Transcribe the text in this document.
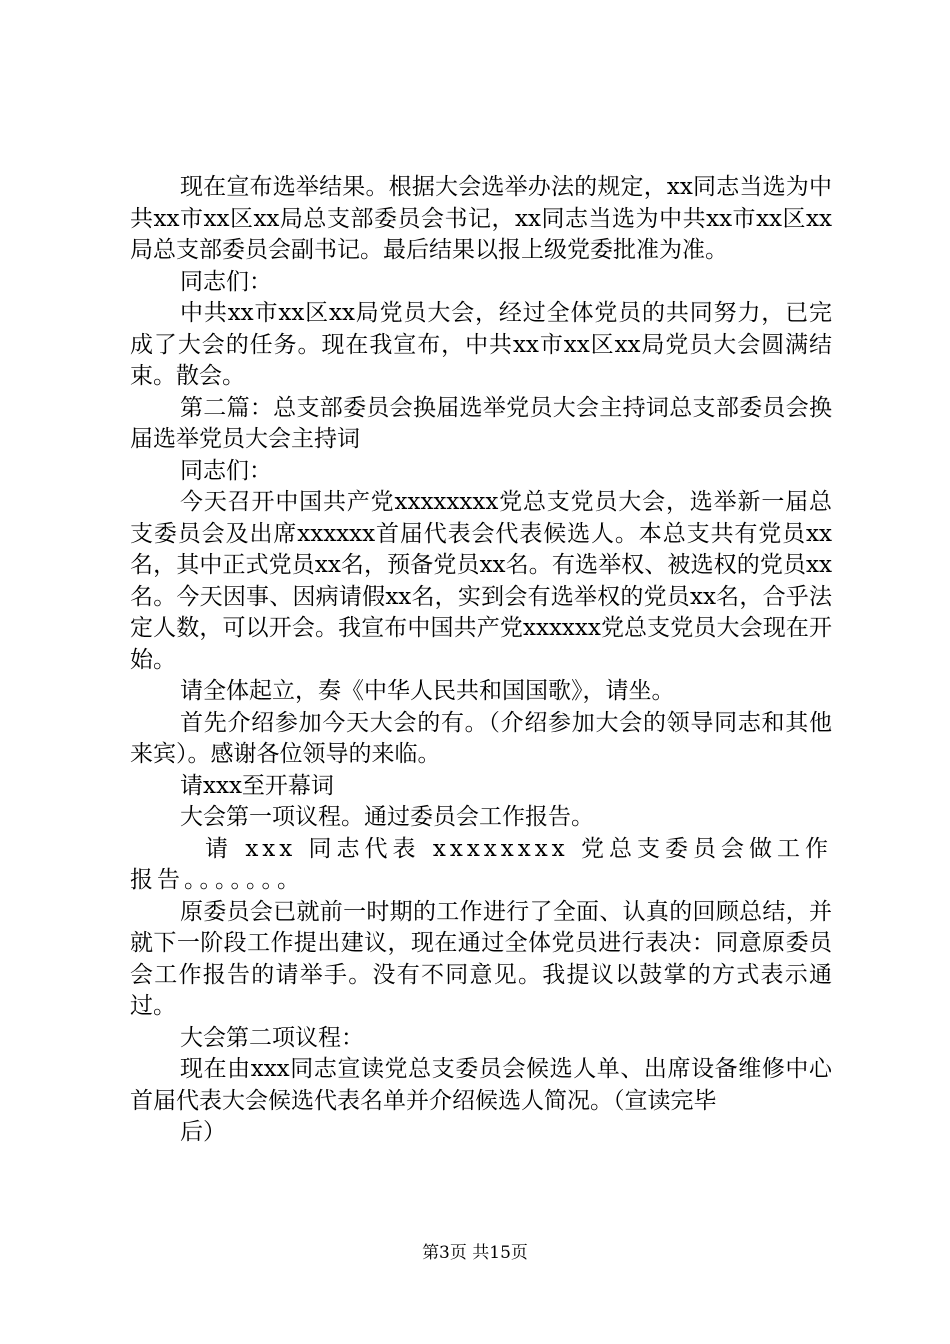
现在宣布选举结果。根据大会选举办法的规定，xx同志当选为中共xx市xx区xx局总支部委员会书记，xx同志当选为中共xx市xx区xx局总支部委员会副书记。最后结果以报上级党委批准为准。

同志们：

中共xx市xx区xx局党员大会，经过全体党员的共同努力，已完成了大会的任务。现在我宣布，中共xx市xx区xx局党员大会圆满结束。散会。

第二篇：总支部委员会换届选举党员大会主持词总支部委员会换届选举党员大会主持词

同志们：

今天召开中国共产党xxxxxxxx党总支党员大会，选举新一届总支委员会及出席xxxxxx首届代表会代表候选人。本总支共有党员xx名，其中正式党员xx名，预备党员xx名。有选举权、被选权的党员xx名。今天因事、因病请假xx名，实到会有选举权的党员xx名，合乎法定人数，可以开会。我宣布中国共产党xxxxxx党总支党员大会现在开始。

请全体起立，奏《中华人民共和国国歌》，请坐。

首先介绍参加今天大会的有。（介绍参加大会的领导同志和其他来宾）。感谢各位领导的来临。

请xxx至开幕词

大会第一项议程。通过委员会工作报告。

请 xxx 同志代表 xxxxxxxx 党总支委员会做工作报告。。。。。。。

原委员会已就前一时期的工作进行了全面、认真的回顾总结，并就下一阶段工作提出建议，现在通过全体党员进行表决：同意原委员会工作报告的请举手。没有不同意见。我提议以鼓掌的方式表示通过。

大会第二项议程：

现在由xxx同志宣读党总支委员会候选人单、出席设备维修中心首届代表大会候选代表名单并介绍候选人简况。（宣读完毕

后）

第3页 共15页
